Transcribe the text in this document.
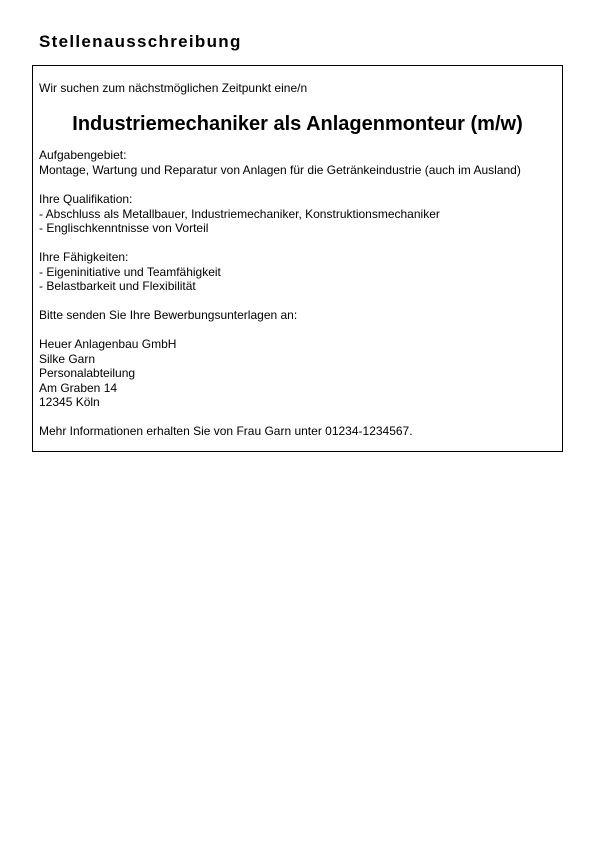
Stellenausschreibung
Wir suchen zum nächstmöglichen Zeitpunkt eine/n
Industriemechaniker als Anlagenmonteur (m/w)
Aufgabengebiet:
Montage, Wartung und Reparatur von Anlagen für die Getränkeindustrie (auch im Ausland)
Ihre Qualifikation:
- Abschluss als Metallbauer, Industriemechaniker, Konstruktionsmechaniker
- Englischkenntnisse von Vorteil
Ihre Fähigkeiten:
- Eigeninitiative und Teamfähigkeit
- Belastbarkeit und Flexibilität
Bitte senden Sie Ihre Bewerbungsunterlagen an:
Heuer Anlagenbau GmbH
Silke Garn
Personalabteilung
Am Graben 14
12345 Köln
Mehr Informationen erhalten Sie von Frau Garn unter 01234-1234567.
